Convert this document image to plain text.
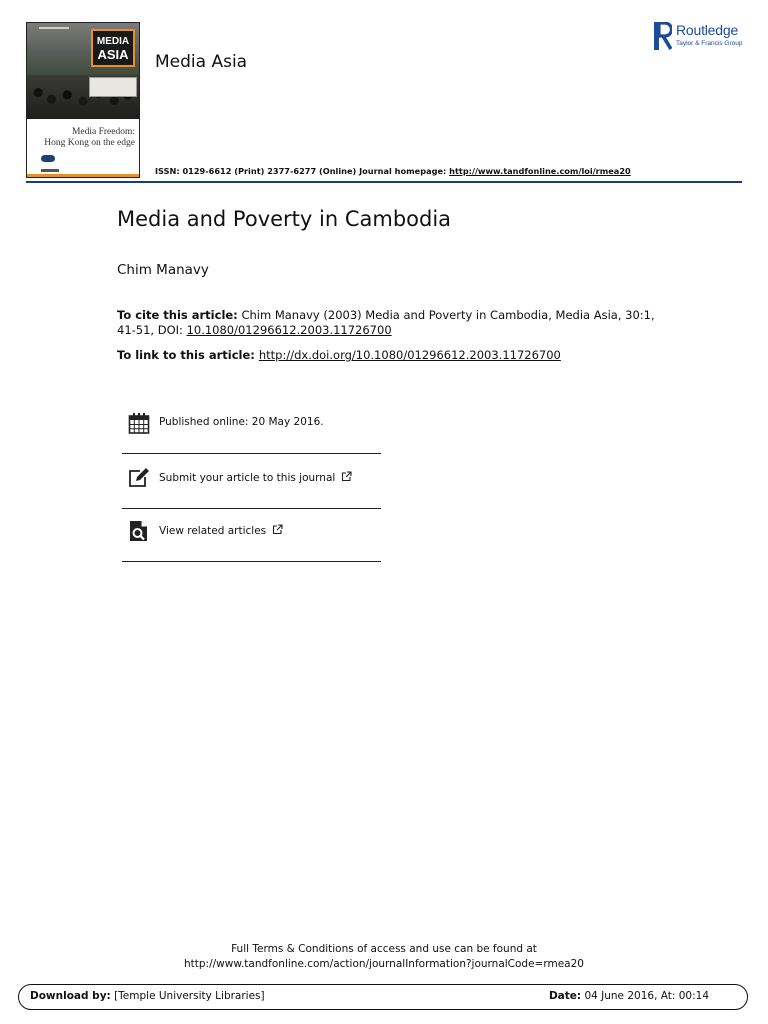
MEDIA
ASIA
Media Freedom:
Hong Kong on the edge
Media Asia
Routledge
Taylor & Francis Group
ISSN: 0129-6612 (Print) 2377-6277 (Online) Journal homepage: http://www.tandfonline.com/loi/rmea20
Media and Poverty in Cambodia
Chim Manavy
To cite this article: Chim Manavy (2003) Media and Poverty in Cambodia, Media Asia, 30:1, 41-51, DOI: 10.1080/01296612.2003.11726700
To link to this article: http://dx.doi.org/10.1080/01296612.2003.11726700
Published online: 20 May 2016.
Submit your article to this journal
View related articles
Full Terms & Conditions of access and use can be found at
http://www.tandfonline.com/action/journalInformation?journalCode=rmea20
Download by: [Temple University Libraries]	Date: 04 June 2016, At: 00:14
